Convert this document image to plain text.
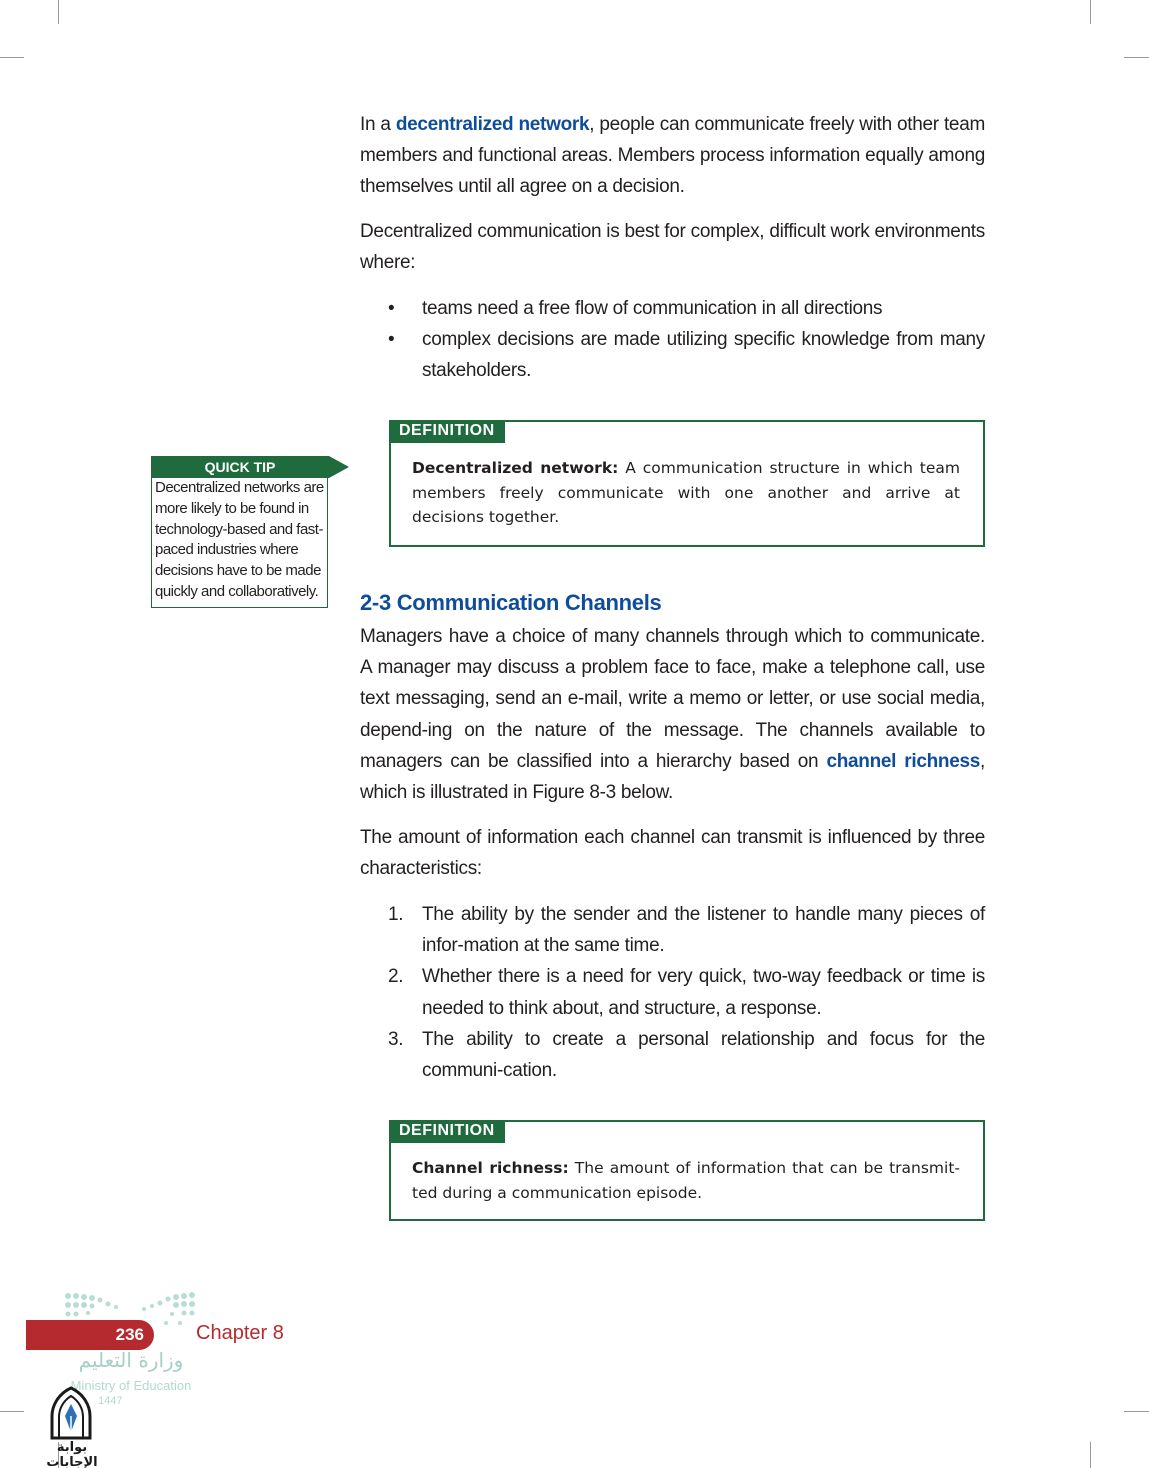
In a decentralized network, people can communicate freely with other team members and functional areas. Members process information equally among themselves until all agree on a decision.
Decentralized communication is best for complex, difficult work environments where:
• teams need a free flow of communication in all directions
• complex decisions are made utilizing specific knowledge from many stakeholders.
DEFINITION
Decentralized network: A communication structure in which team members freely communicate with one another and arrive at decisions together.
QUICK TIP
Decentralized networks are more likely to be found in technology-based and fast-paced industries where decisions have to be made quickly and collaboratively.	2-3 Communication Channels
Managers have a choice of many channels through which to communicate. A manager may discuss a problem face to face, make a telephone call, use text messaging, send an e-mail, write a memo or letter, or use social media, depend-ing on the nature of the message. The channels available to managers can be classified into a hierarchy based on channel richness, which is illustrated in Figure 8-3 below.
The amount of information each channel can transmit is influenced by three characteristics:
1. The ability by the sender and the listener to handle many pieces of infor-mation at the same time.
2. Whether there is a need for very quick, two-way feedback or time is needed to think about, and structure, a response.
3. The ability to create a personal relationship and focus for the communi-cation.
DEFINITION
Channel richness: The amount of information that can be transmit-ted during a communication episode.
236	Chapter 8
وزارة التعليم
Ministry of Education
1447
بوابة الإجابات
